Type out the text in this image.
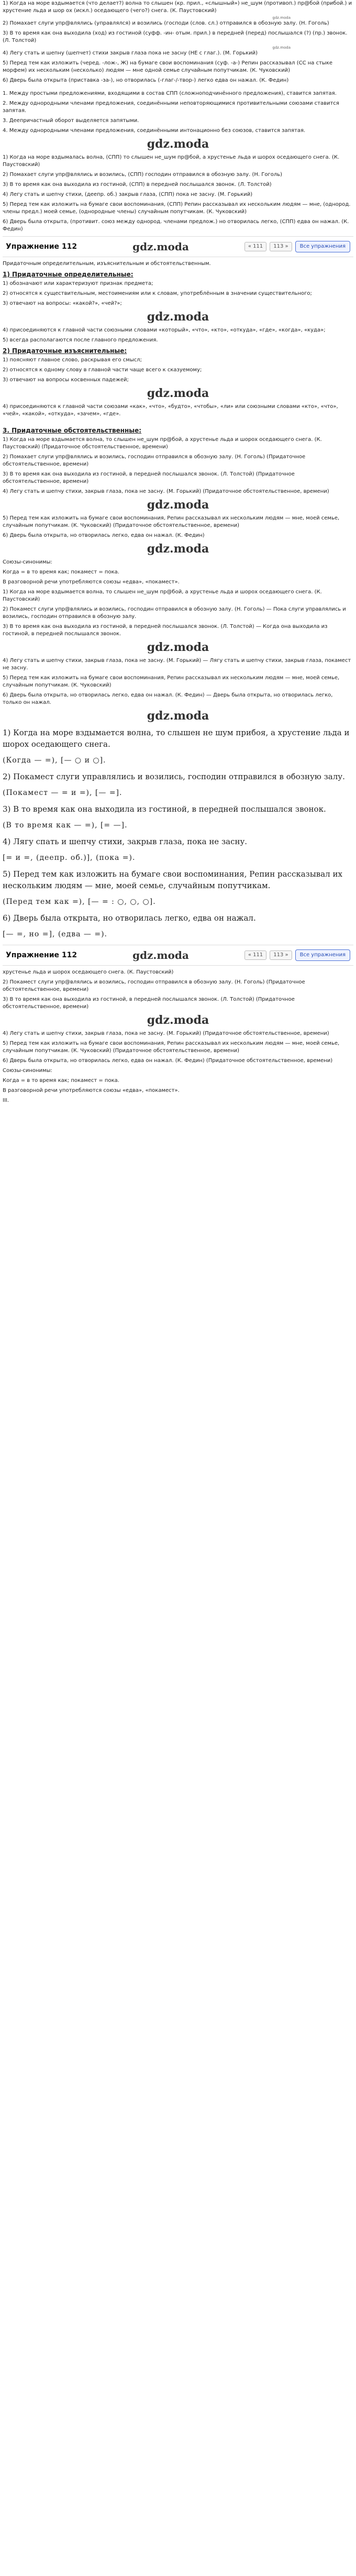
1) Когда на море вздымается (что делает?) волна то слышен (кр. прил., «слышный») не_шум (противоп.) пр@бой (прибой.) и хрустение льда и шор ох (искл.) оседающего (чего?) снега. (К. Паустовский)

gdz.moda

2) Помахает слуги упр@влялись (управлялся) и возились (господи (слов. сл.) отправился в обозную залу. (Н. Гоголь)

3) В то время как она выходила (ход) из гостиной (суфф. -ин- отым. прил.) в передней (перед) послышался (?) (пр.) звонок. (Л. Толстой)

gdz.moda

4) Легу стать и шепну (шепчет) стихи закрыв глаза пока не засну (НЕ с глаг.). (М. Горький)

5) Перед тем как изложить (черед. -лож-, Ж) на бумаге свои воспоминания (суф. -а-) Репин рассказывал (СС на стыке морфем) их нескольким (несколько) людям — мне одной семье случайным попутчикам. (К. Чуковский)

6) Дверь была открыта (приставка -за-), но отворилась (-глаг-/-твор-) легко едва он нажал. (К. Федин)

1. Между простыми предложениями, входящими в состав СПП (сложноподчинённого предложения), ставится запятая.

2. Между однородными членами предложения, соединёнными неповторяющимися противительными союзами ставится запятая.

3. Деепричастный оборот выделяется запятыми.

4. Между однородными членами предложения, соединёнными интонационно без союзов, ставится запятая.

gdz.moda

1) Когда на море вздымалась волна, (СПП) то слышен не_шум пр@бой, а хрустенье льда и шорох оседающего снега. (К. Паустовский)

2) Помахает слуги упр@влялись и возились, (СПП) господин отправился в обозную залу. (Н. Гоголь)

3) В то время как она выходила из гостиной, (СПП) в передней послышался звонок. (Л. Толстой)

4) Легу стать и шепчу стихи, (деепр. об.) закрыв глаза, (СПП) пока не засну. (М. Горький)

5) Перед тем как изложить на бумаге свои воспоминания, (СПП) Репин рассказывал их нескольким людям — мне, (однород. члены предл.) моей семье, (однородные члены) случайным попутчикам. (К. Чуковский)

6) Дверь была открыта, (противит. союз между однород. членами предлож.) но отворилась легко, (СПП) едва он нажал. (К. Федин)

Упражнение 112	gdz.moda	« 111	113 »	Все упражнения

Придаточным определительным, изъяснительным и обстоятельственным.

1) Придаточные определительные:

1) обозначают или характеризуют признак предмета;

2) относятся к существительным, местоимениям или к словам, употреблённым в значении существительного;

3) отвечают на вопросы: «какой?», «чей?»;

gdz.moda

4) присоединяются к главной части союзными словами «который», «что», «кто», «откуда», «где», «когда», «куда»;

5) всегда располагаются после главного предложения.

2) Придаточные изъяснительные:

1) поясняют главное слово, раскрывая его смысл;

2) относятся к одному слову в главной части чаще всего к сказуемому;

3) отвечают на вопросы косвенных падежей;

gdz.moda

4) присоединяются к главной части союзами «как», «что», «будто», «чтобы», «ли» или союзными словами «кто», «что», «чей», «какой», «откуда», «зачем», «где».

3. Придаточные обстоятельственные:

1) Когда на море вздымается волна, то слышен не_шум пр@бой, а хрустенье льда и шорох оседающего снега. (К. Паустовский) (Придаточное обстоятельственное, времени)

2) Помахает слуги упр@влялись и возились, господин отправился в обозную залу. (Н. Гоголь) (Придаточное обстоятельственное, времени)

3) В то время как она выходила из гостиной, в передней послышался звонок. (Л. Толстой) (Придаточное обстоятельственное, времени)

4) Легу стать и шепчу стихи, закрыв глаза, пока не засну. (М. Горький) (Придаточное обстоятельственное, времени)

gdz.moda

5) Перед тем как изложить на бумаге свои воспоминания, Репин рассказывал их нескольким людям — мне, моей семье, случайным попутчикам. (К. Чуковский) (Придаточное обстоятельственное, времени)

6) Дверь была открыта, но отворилась легко, едва он нажал. (К. Федин)

gdz.moda

Союзы-синонимы:

Когда = в то время как; покамест = пока.

В разговорной речи употребляются союзы «едва», «покамест».

1) Когда на море вздымается волна, то слышен не_шум пр@бой, а хрустенье льда и шорох оседающего снега. (К. Паустовский)

2) Покамест слуги упр@влялись и возились, господин отправился в обозную залу. (Н. Гоголь) — Пока слуги управлялись и возились, господин отправился в обозную залу.

3) В то время как она выходила из гостиной, в передней послышался звонок. (Л. Толстой) — Когда она выходила из гостиной, в передней послышался звонок.

gdz.moda

4) Легу стать и шепчу стихи, закрыв глаза, пока не засну. (М. Горький) — Лягу стать и шепчу стихи, закрыв глаза, покамест не засну.

5) Перед тем как изложить на бумаге свои воспоминания, Репин рассказывал их нескольким людям — мне, моей семье, случайным попутчикам. (К. Чуковский)

6) Дверь была открыта, но отворилась легко, едва он нажал. (К. Федин) — Дверь была открыта, но отворилась легко, только он нажал.

gdz.moda
1) Когда на море вздымается волна, то слышен не шум прибоя, а хрустение льда и шорох оседающего снега.
(Когда — =), [— ○ и ○].
2) Покамест слуги управлялись и возились, господин отправился в обозную залу.
(Покамест — = и =), [— =].
3) В то время как она выходила из гостиной, в передней послышался звонок.
(В то время как — =), [= —].
4) Лягу спать и шепчу стихи, закрыв глаза, пока не засну.
[= и =, (деепр. об.)], (пока =).
5) Перед тем как изложить на бумаге свои воспоминания, Репин рассказывал их нескольким людям — мне, моей семье, случайным попутчикам.
(Перед тем как =), [— = : ○, ○, ○].
6) Дверь была открыта, но отворилась легко, едва он нажал.
[— =, но =], (едва — =).
Упражнение 112	gdz.moda	« 111	113 »	Все упражнения

хрустенье льда и шорох оседающего снега. (К. Паустовский)

2) Покамест слуги упр@влялись и возились, господин отправился в обозную залу. (Н. Гоголь) (Придаточное обстоятельственное, времени)

3) В то время как она выходила из гостиной, в передней послышался звонок. (Л. Толстой) (Придаточное обстоятельственное, времени)

gdz.moda

4) Легу стать и шепчу стихи, закрыв глаза, пока не засну. (М. Горький) (Придаточное обстоятельственное, времени)

5) Перед тем как изложить на бумаге свои воспоминания, Репин рассказывал их нескольким людям — мне, моей семье, случайным попутчикам. (К. Чуковский) (Придаточное обстоятельственное, времени)

6) Дверь была открыта, но отворилась легко, едва он нажал. (К. Федин) (Придаточное обстоятельственное, времени)

Союзы-синонимы:

Когда = в то время как; покамест = пока.

В разговорной речи употребляются союзы «едва», «покамест».

III.
